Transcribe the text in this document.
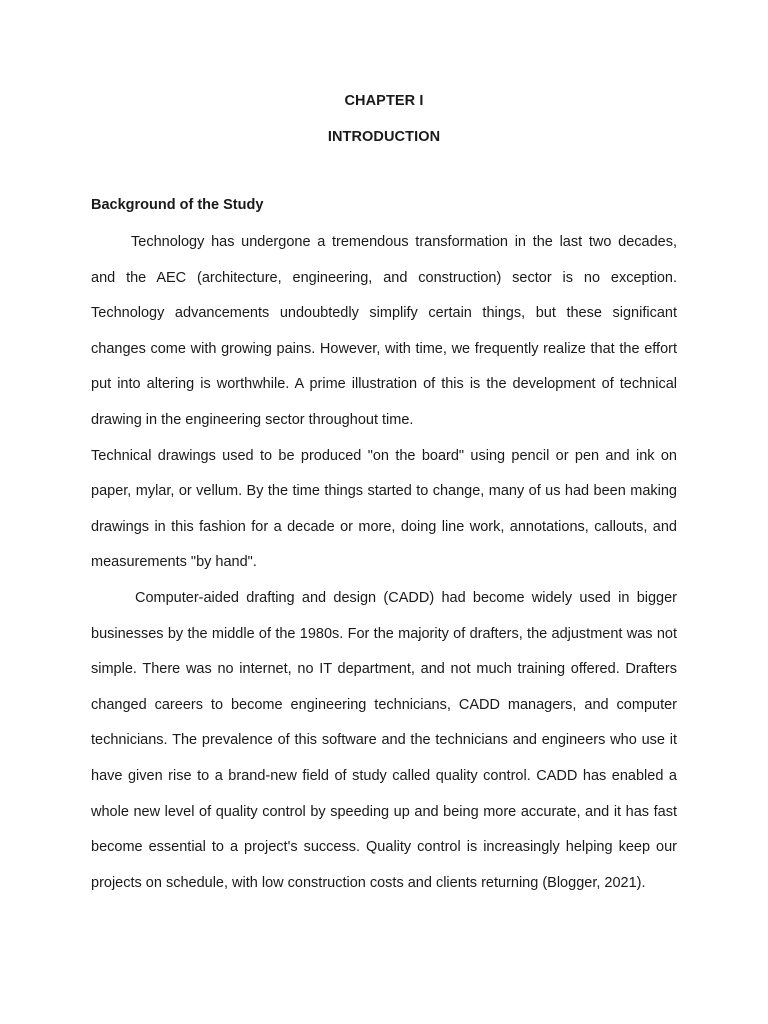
CHAPTER I
INTRODUCTION
Background of the Study

Technology has undergone a tremendous transformation in the last two decades, and the AEC (architecture, engineering, and construction) sector is no exception. Technology advancements undoubtedly simplify certain things, but these significant changes come with growing pains. However, with time, we frequently realize that the effort put into altering is worthwhile. A prime illustration of this is the development of technical drawing in the engineering sector throughout time.

Technical drawings used to be produced "on the board" using pencil or pen and ink on paper, mylar, or vellum. By the time things started to change, many of us had been making drawings in this fashion for a decade or more, doing line work, annotations, callouts, and measurements "by hand".

Computer-aided drafting and design (CADD) had become widely used in bigger businesses by the middle of the 1980s. For the majority of drafters, the adjustment was not simple. There was no internet, no IT department, and not much training offered. Drafters changed careers to become engineering technicians, CADD managers, and computer technicians. The prevalence of this software and the technicians and engineers who use it have given rise to a brand-new field of study called quality control. CADD has enabled a whole new level of quality control by speeding up and being more accurate, and it has fast become essential to a project's success. Quality control is increasingly helping keep our projects on schedule, with low construction costs and clients returning (Blogger, 2021).
